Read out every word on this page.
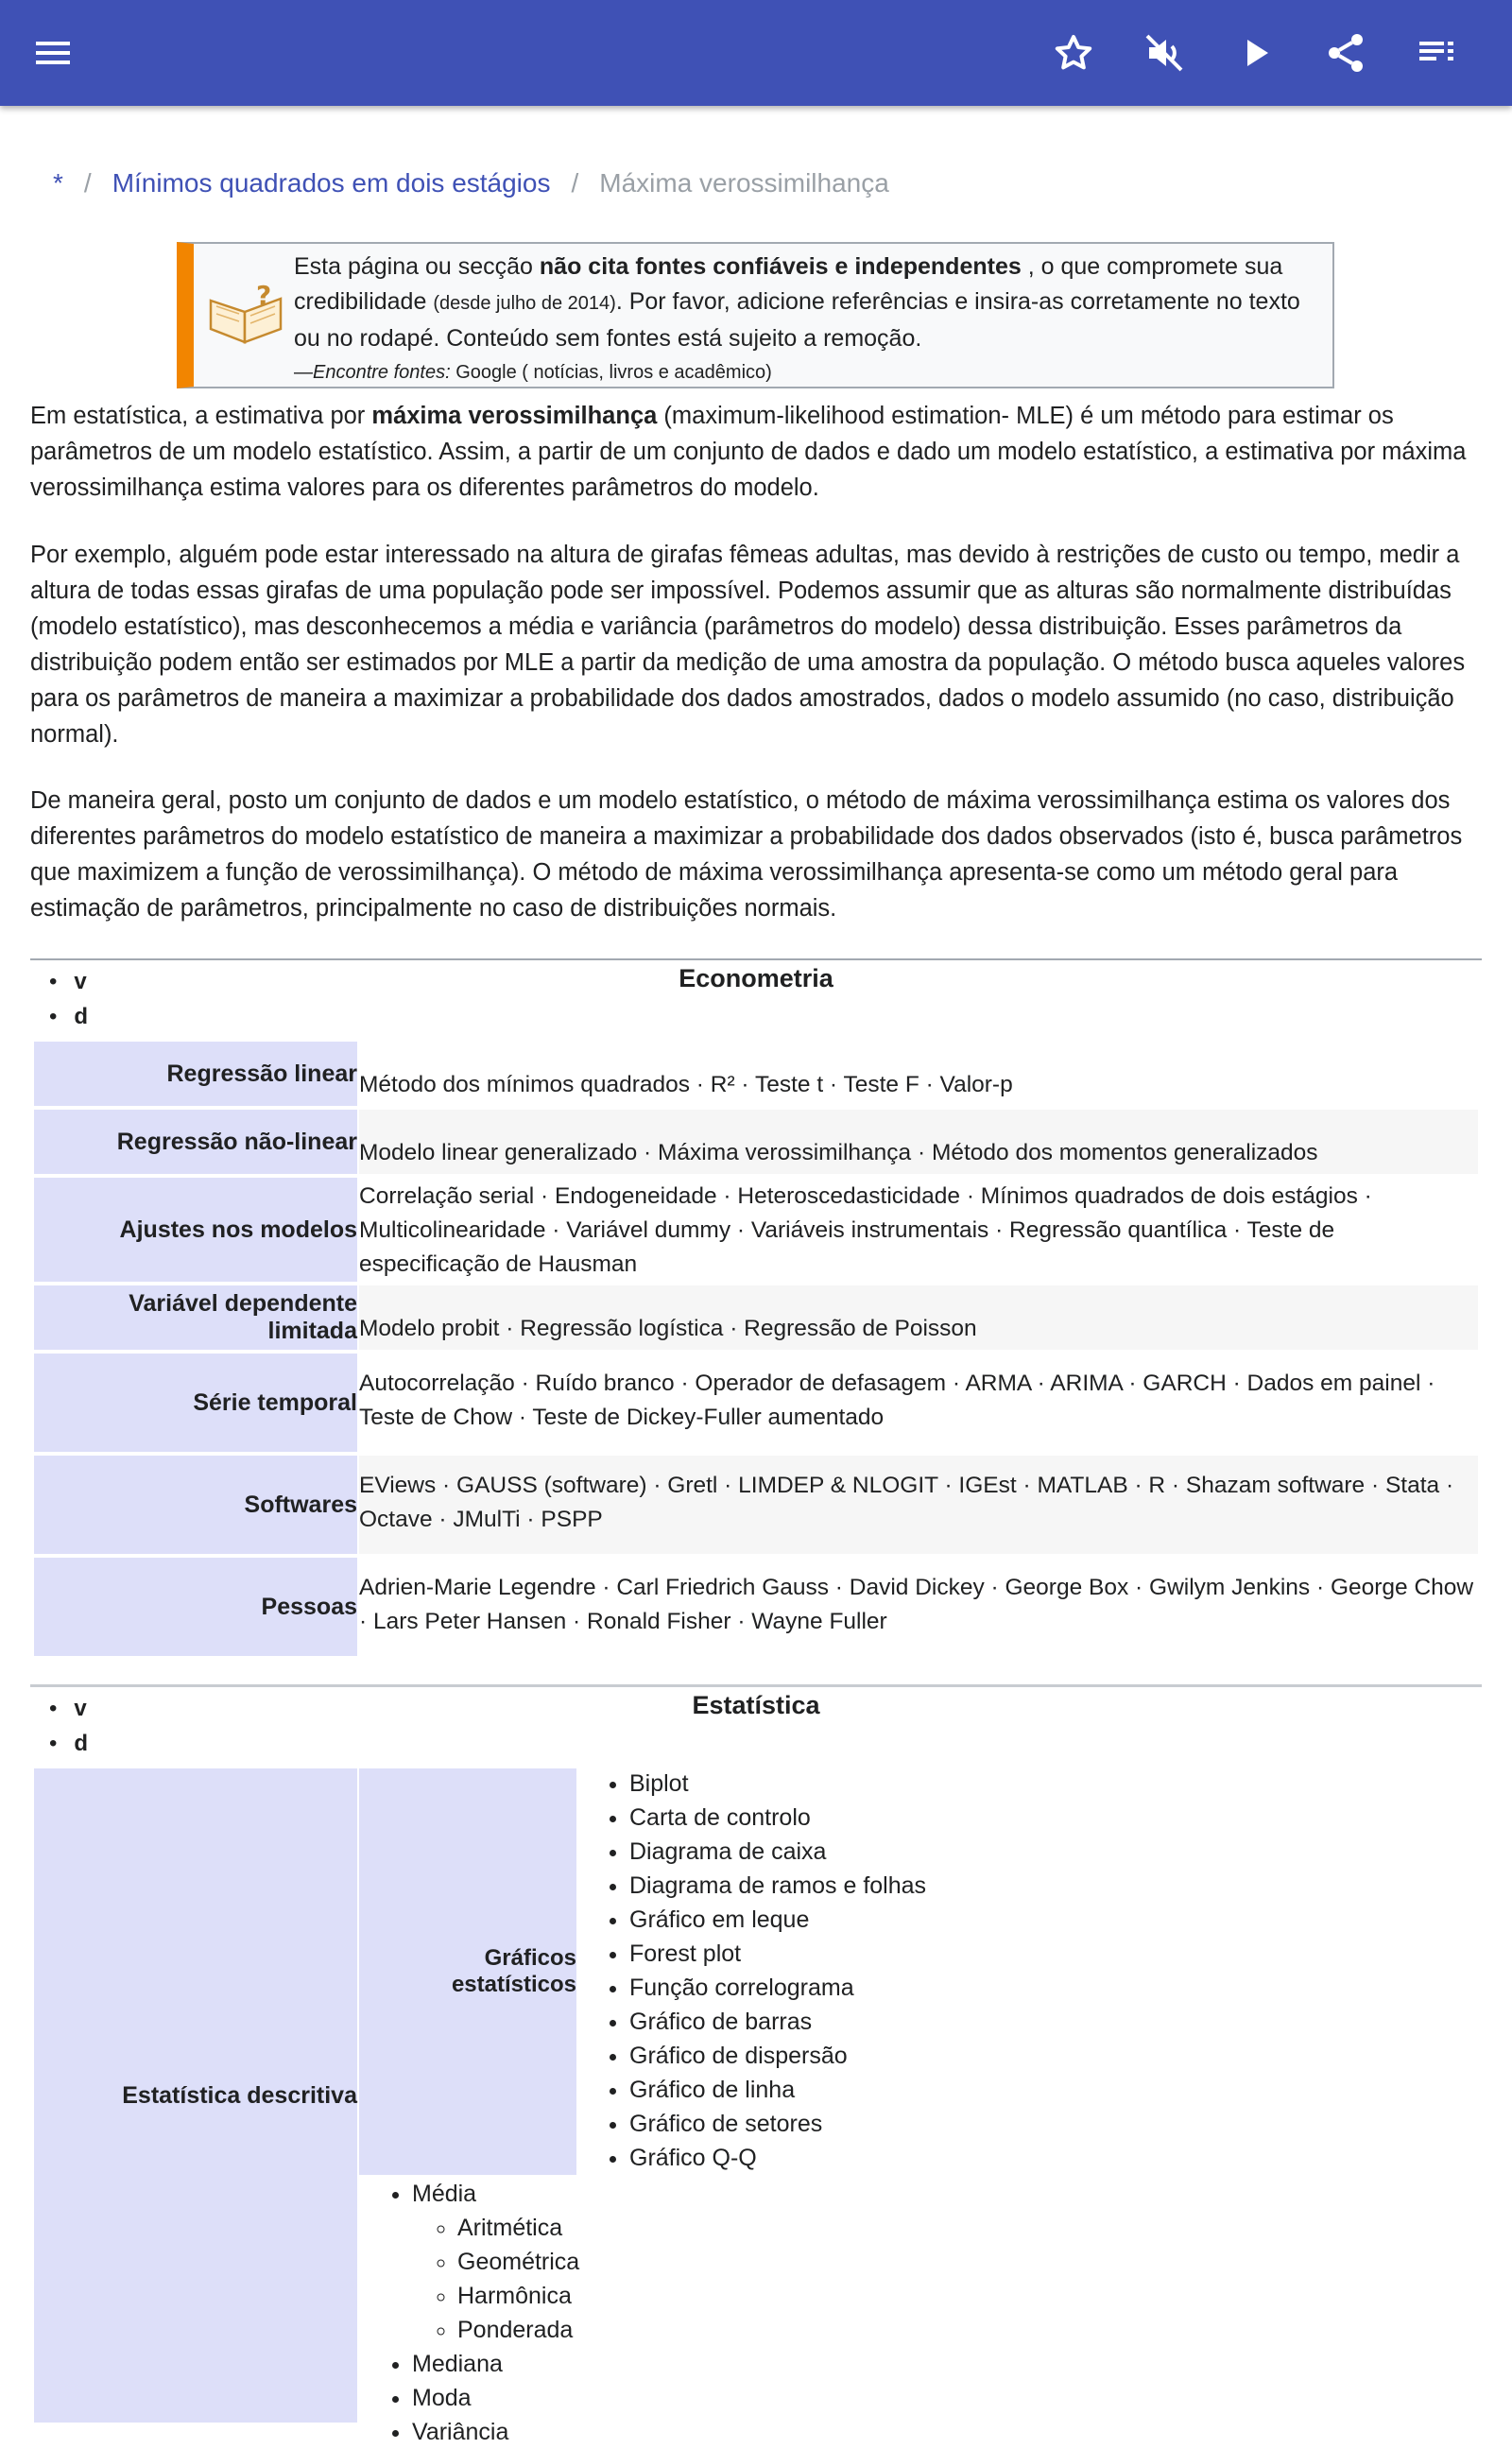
* / Mínimos quadrados em dois estágios / Máxima verossimilhança
?
Esta página ou secção não cita fontes confiáveis e independentes , o que compromete sua credibilidade (desde julho de 2014). Por favor, adicione referências e insira-as corretamente no texto ou no rodapé. Conteúdo sem fontes está sujeito a remoção.
—Encontre fontes: Google ( notícias, livros e acadêmico)

Em estatística, a estimativa por máxima verossimilhança (maximum-likelihood estimation- MLE) é um método para estimar os parâmetros de um modelo estatístico. Assim, a partir de um conjunto de dados e dado um modelo estatístico, a estimativa por máxima verossimilhança estima valores para os diferentes parâmetros do modelo.

Por exemplo, alguém pode estar interessado na altura de girafas fêmeas adultas, mas devido à restrições de custo ou tempo, medir a altura de todas essas girafas de uma população pode ser impossível. Podemos assumir que as alturas são normalmente distribuídas (modelo estatístico), mas desconhecemos a média e variância (parâmetros do modelo) dessa distribuição. Esses parâmetros da distribuição podem então ser estimados por MLE a partir da medição de uma amostra da população. O método busca aqueles valores para os parâmetros de maneira a maximizar a probabilidade dos dados amostrados, dados o modelo assumido (no caso, distribuição normal).

De maneira geral, posto um conjunto de dados e um modelo estatístico, o método de máxima verossimilhança estima os valores dos diferentes parâmetros do modelo estatístico de maneira a maximizar a probabilidade dos dados observados (isto é, busca parâmetros que maximizem a função de verossimilhança). O método de máxima verossimilhança apresenta-se como um método geral para estimação de parâmetros, principalmente no caso de distribuições normais.

• v
• d
Econometria
Regressão linear Método dos mínimos quadrados · R² · Teste t · Teste F · Valor-p
Regressão não-linear Modelo linear generalizado · Máxima verossimilhança · Método dos momentos generalizados
Ajustes nos modelos
Correlação serial · Endogeneidade · Heteroscedasticidade · Mínimos quadrados de dois estágios · Multicolinearidade · Variável dummy · Variáveis instrumentais · Regressão quantílica · Teste de especificação de Hausman
Variável dependente limitada Modelo probit · Regressão logística · Regressão de Poisson
Série temporal
Autocorrelação · Ruído branco · Operador de defasagem · ARMA · ARIMA · GARCH · Dados em painel · Teste de Chow · Teste de Dickey-Fuller aumentado
Softwares
EViews · GAUSS (software) · Gretl · LIMDEP & NLOGIT · IGEst · MATLAB · R · Shazam software · Stata · Octave · JMulTi · PSPP
Pessoas
Adrien-Marie Legendre · Carl Friedrich Gauss · David Dickey · George Box · Gwilym Jenkins · George Chow · Lars Peter Hansen · Ronald Fisher · Wayne Fuller
• v
• d
Estatística
Estatística descritiva
Gráficos estatísticos
• Biplot
• Carta de controlo
• Diagrama de caixa
• Diagrama de ramos e folhas
• Gráfico em leque
• Forest plot
• Função correlograma
• Gráfico de barras
• Gráfico de dispersão
• Gráfico de linha
• Gráfico de setores
• Gráfico Q-Q
• Média
◦ Aritmética
◦ Geométrica
◦ Harmônica
◦ Ponderada
• Mediana
• Moda
• Variância
